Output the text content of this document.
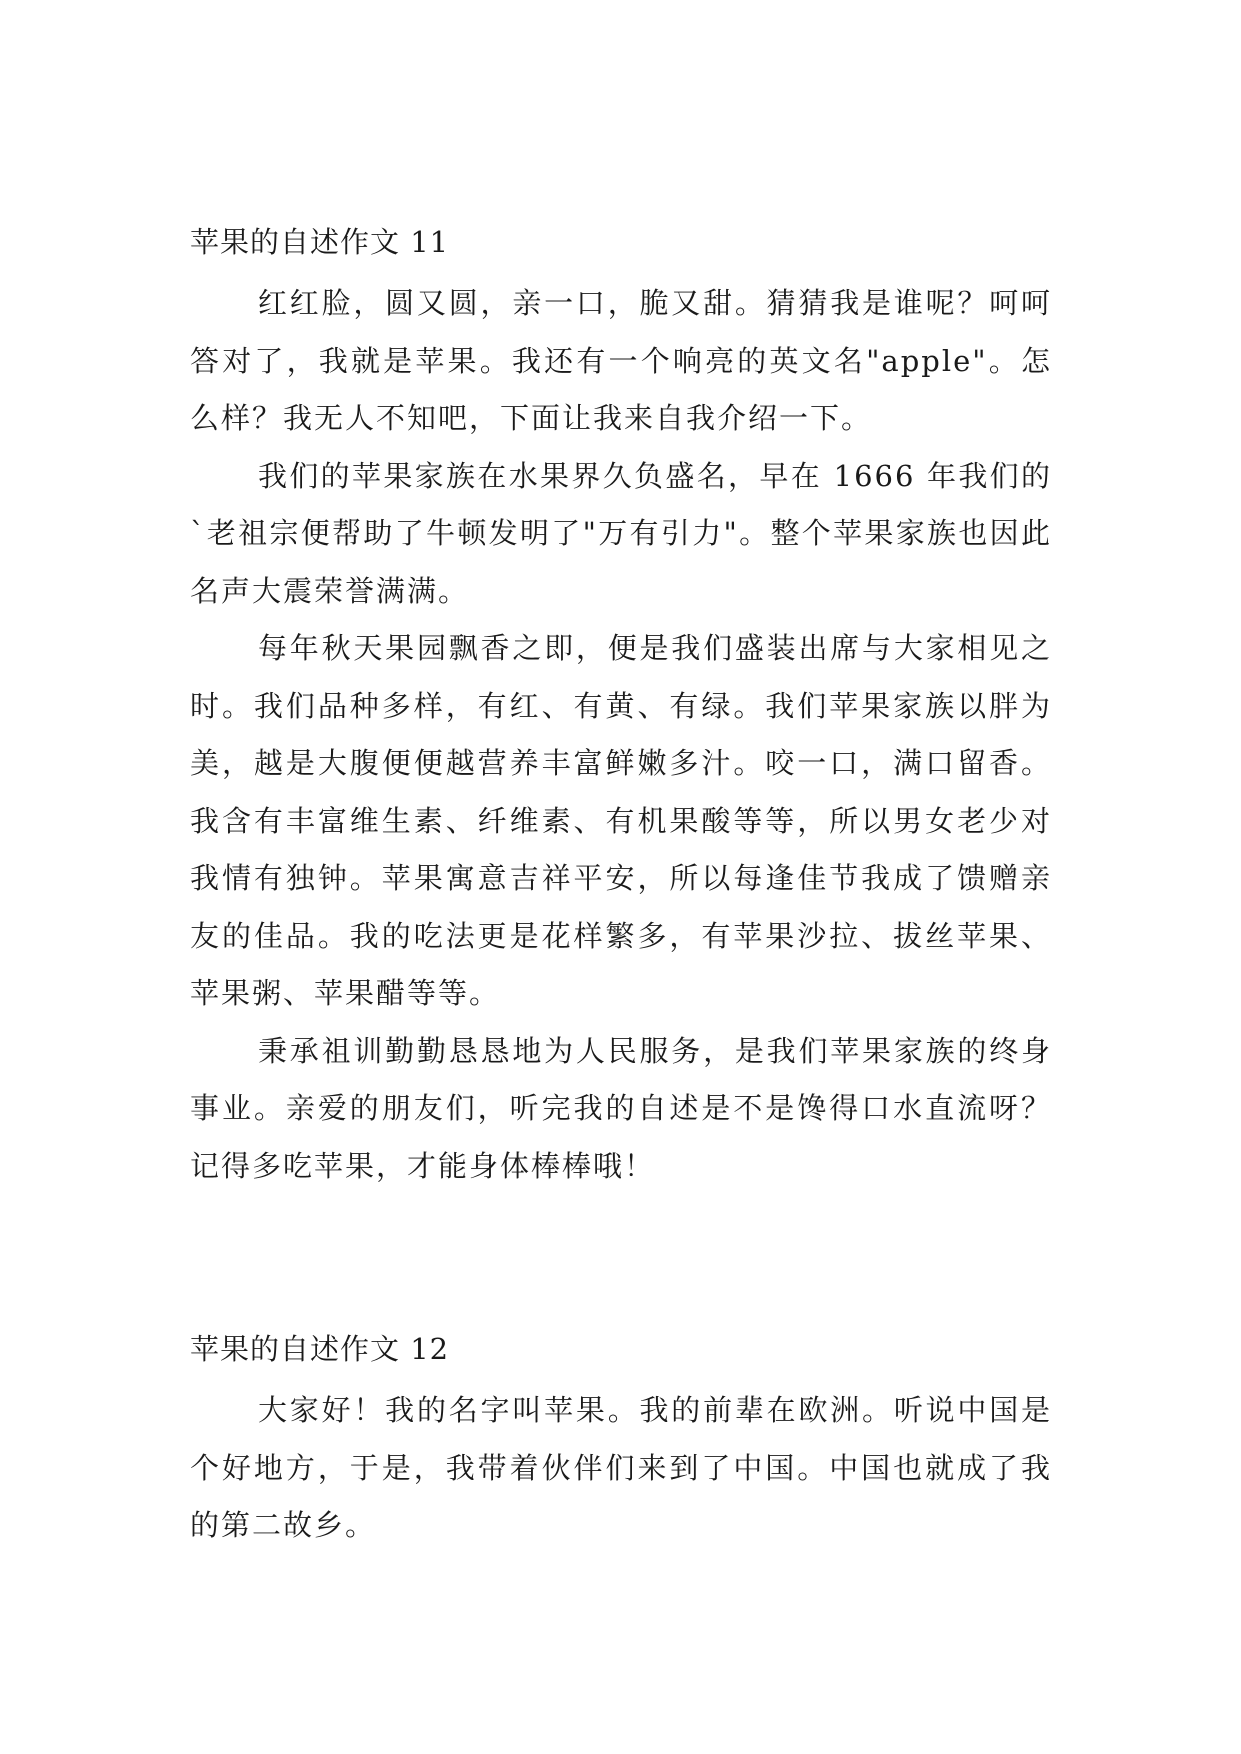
苹果的自述作文 11

红红脸，圆又圆，亲一口，脆又甜。猜猜我是谁呢？呵呵答对了，我就是苹果。我还有一个响亮的英文名"apple"。怎么样？我无人不知吧，下面让我来自我介绍一下。

我们的苹果家族在水果界久负盛名，早在 1666 年我们的`老祖宗便帮助了牛顿发明了"万有引力"。整个苹果家族也因此名声大震荣誉满满。

每年秋天果园飘香之即，便是我们盛装出席与大家相见之时。我们品种多样，有红、有黄、有绿。我们苹果家族以胖为美，越是大腹便便越营养丰富鲜嫩多汁。咬一口，满口留香。我含有丰富维生素、纤维素、有机果酸等等，所以男女老少对我情有独钟。苹果寓意吉祥平安，所以每逢佳节我成了馈赠亲友的佳品。我的吃法更是花样繁多，有苹果沙拉、拔丝苹果、苹果粥、苹果醋等等。

秉承祖训勤勤恳恳地为人民服务，是我们苹果家族的终身事业。亲爱的朋友们，听完我的自述是不是馋得口水直流呀？记得多吃苹果，才能身体棒棒哦！

苹果的自述作文 12

大家好！我的名字叫苹果。我的前辈在欧洲。听说中国是个好地方，于是，我带着伙伴们来到了中国。中国也就成了我的第二故乡。
